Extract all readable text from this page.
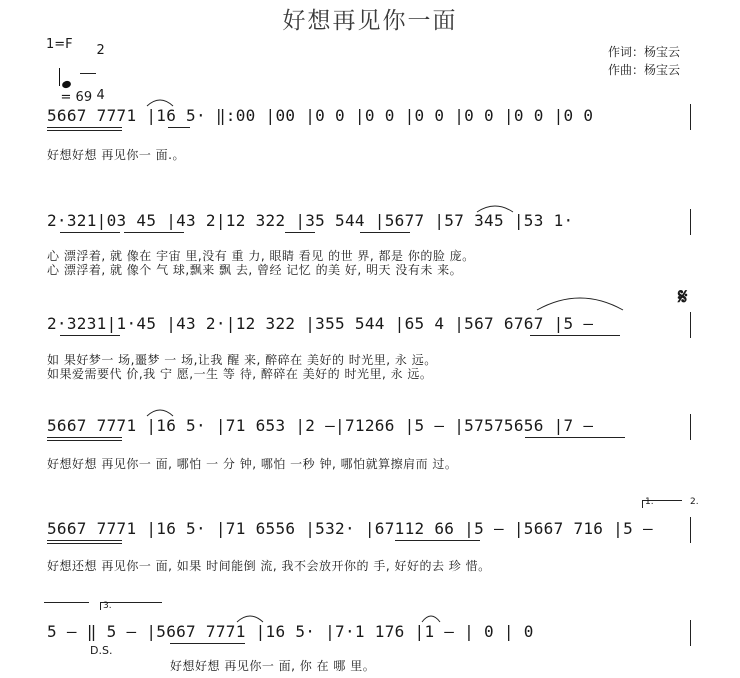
好想再见你一面
1=F	2

4

= 69

作词：杨宝云
作曲：杨宝云
5667 7771 |16 5· ‖:00 |00 |0 0 |0 0 |0 0 |0 0 |0 0 |0 0
好想好想 再见你一 面.。
2·321|03 45 |43 2|12 322 |35 544 |5677 |57 345 |53 1·
心 漂浮着, 就 像在 宇宙 里,没有 重 力, 眼睛 看见 的世 界, 都是 你的脸 庞。
心 漂浮着, 就 像个 气 球,飘来 飘 去, 曾经 记忆 的美 好, 明天 没有未 来。
2·3231|1·45 |43 2·|12 322 |355 544 |65 4 |567 6767 |5 –
如 果好梦一 场,噩梦 一 场,让我 醒 来, 醉碎在 美好的 时光里, 永 远。
如果爱需要代 价,我 宁 愿,一生 等 待, 醉碎在 美好的 时光里, 永 远。
𝄋
5667 7771 |16 5· |71 653 |2 –|71266 |5 – |57575656 |7 –
好想好想 再见你一 面, 哪怕 一 分 钟, 哪怕 一秒 钟, 哪怕就算擦肩而 过。
5667 7771 |16 5· |71 6556 |532· |67112 66 |5 – |5667 716 |5 –
好想还想 再见你一 面, 如果 时间能倒 流, 我不会放开你的 手, 好好的去 珍 惜。
1.	2.
5 – ‖ 5 – |5667 7771 |16 5· |7·1 176 |1 – | 0 | 0
D.S.
好想好想 再见你一 面, 你 在 哪 里。
3.
